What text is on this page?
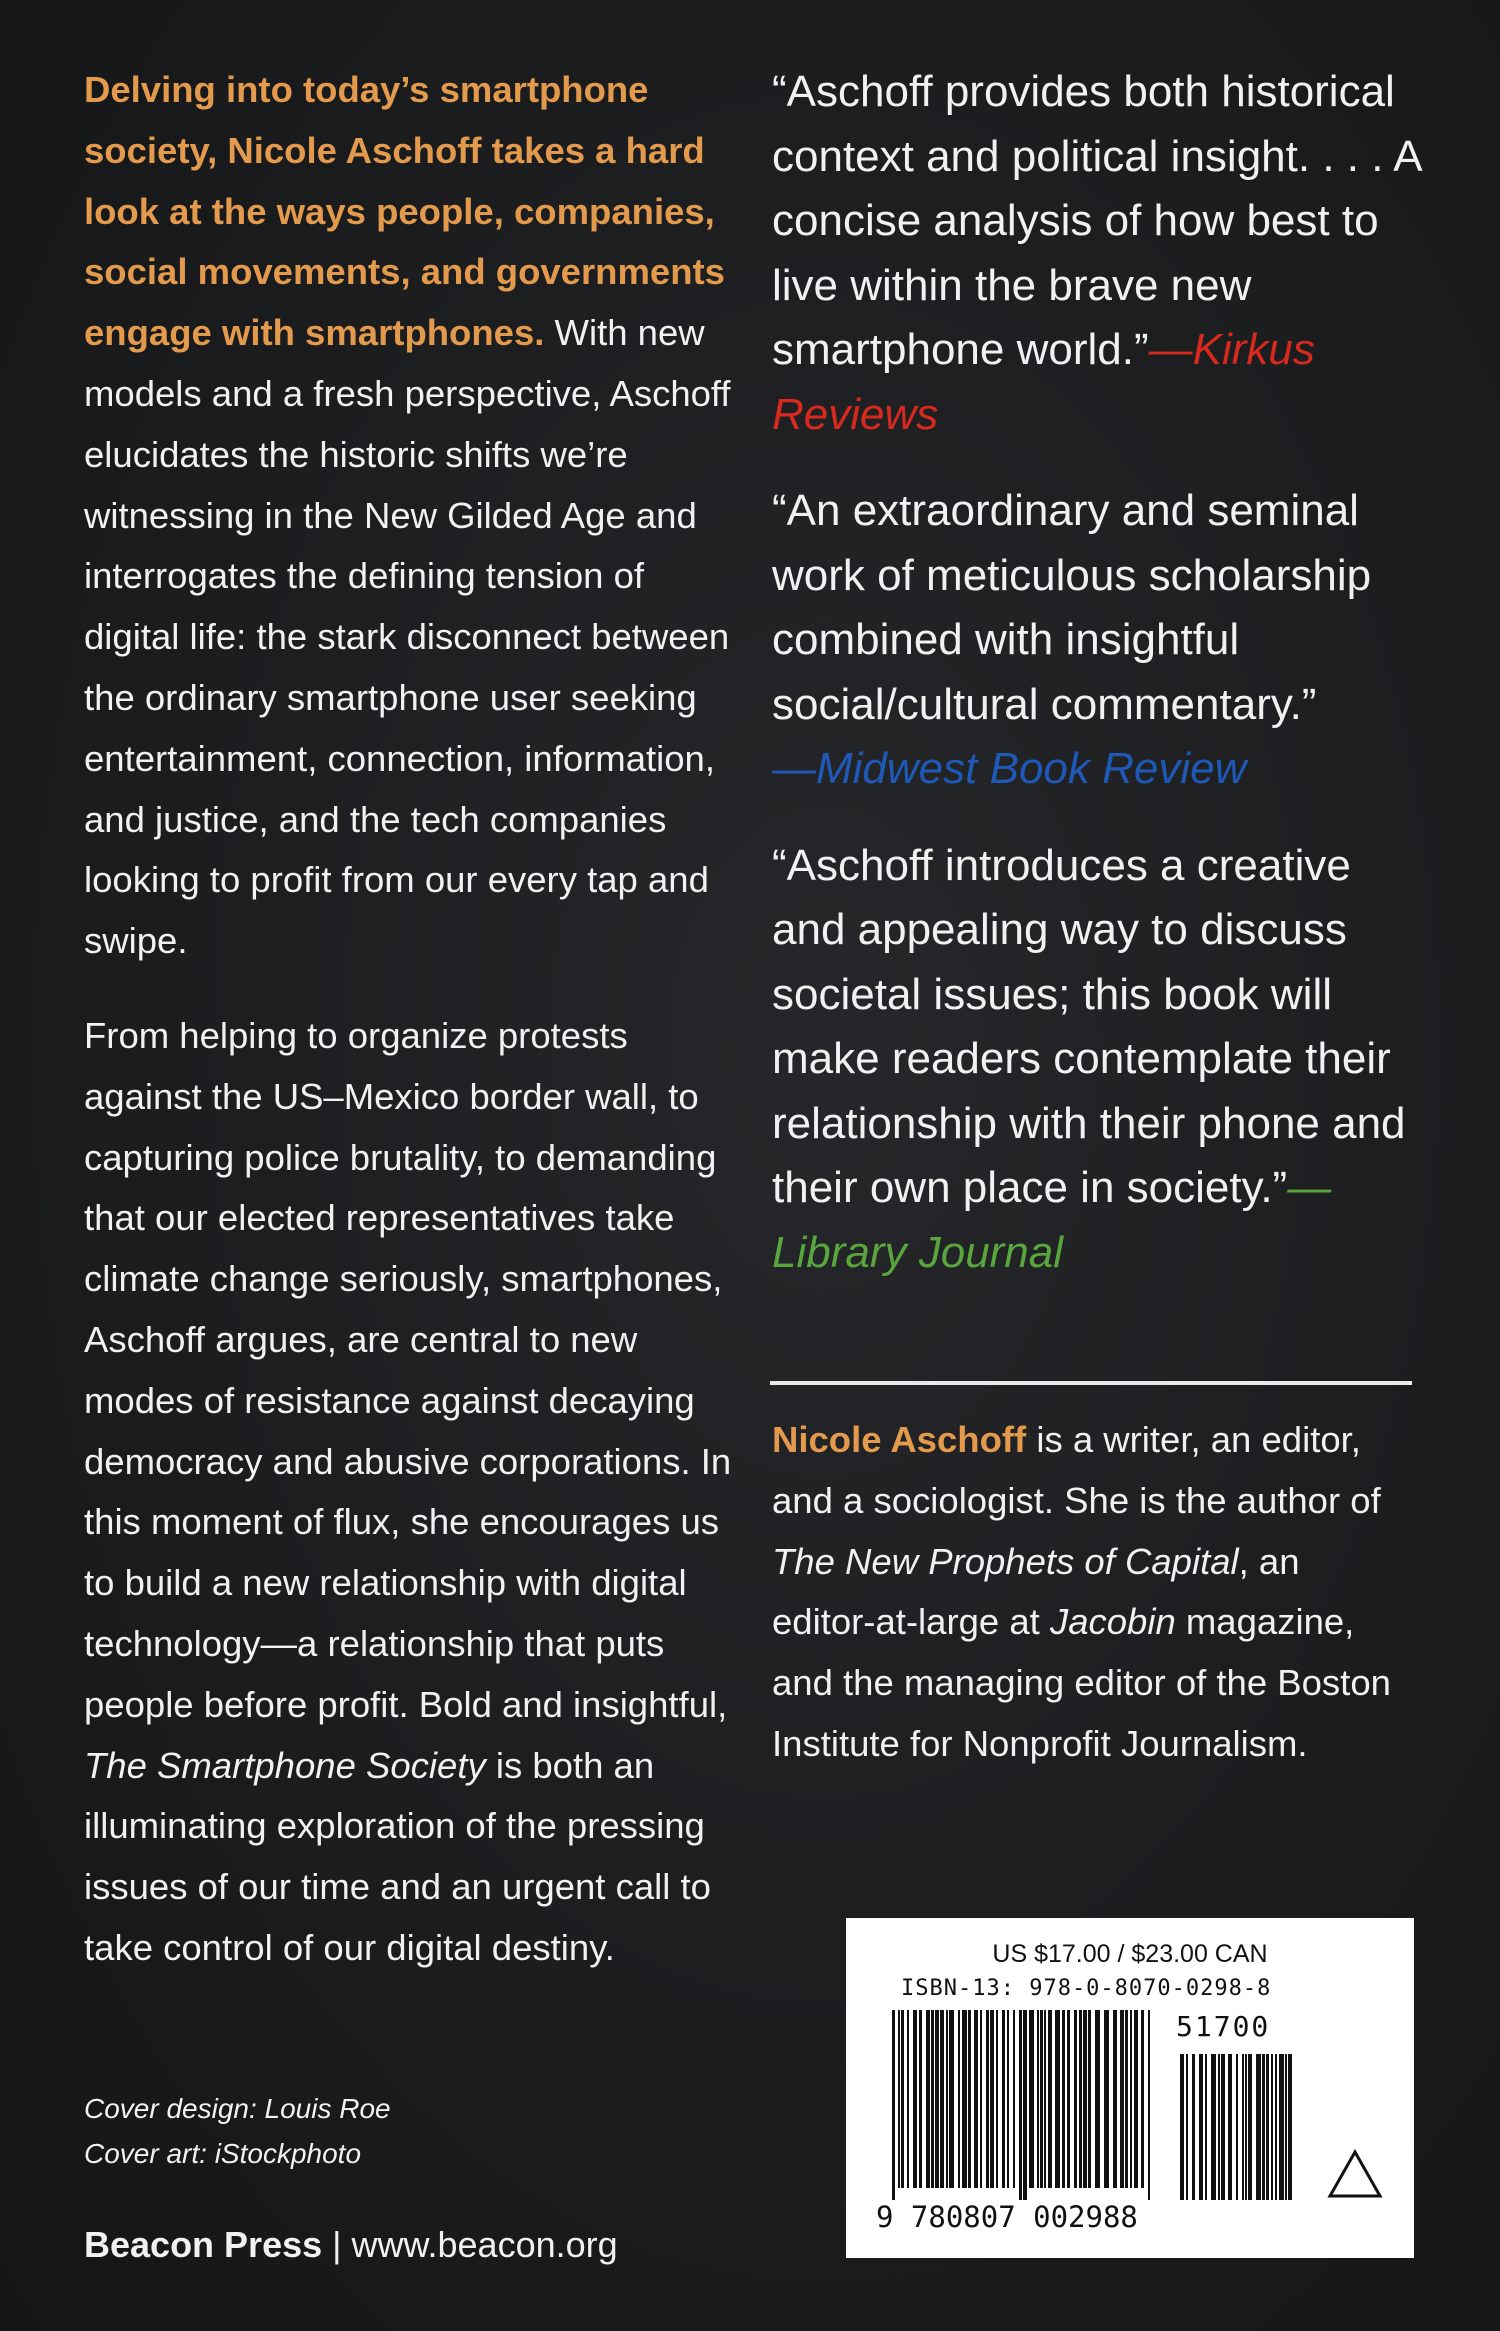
Delving into today’s smartphone society, Nicole Aschoff takes a hard look at the ways people, companies, social movements, and governments engage with smartphones. With new models and a fresh perspective, Aschoff elucidates the historic shifts we’re witnessing in the New Gilded Age and interrogates the defining tension of digital life: the stark disconnect between the ordinary smartphone user seeking entertainment, connection, information, and justice, and the tech companies looking to profit from our every tap and swipe.

From helping to organize protests against the US–Mexico border wall, to capturing police brutality, to demanding that our elected representatives take climate change seriously, smartphones, Aschoff argues, are central to new modes of resistance against decaying democracy and abusive corporations. In this moment of flux, she encourages us to build a new relationship with digital technology—a relationship that puts people before profit. Bold and insightful, The Smartphone Society is both an illuminating exploration of the pressing issues of our time and an urgent call to take control of our digital destiny.

Cover design: Louis Roe
Cover art: iStockphoto
Beacon Press | www.beacon.org

“Aschoff provides both historical context and political insight. . . . A concise analysis of how best to live within the brave new smartphone world.”—Kirkus Reviews

“An extraordinary and seminal work of meticulous scholarship combined with insightful social/cultural commentary.”
—Midwest Book Review

“Aschoff introduces a creative and appealing way to discuss societal issues; this book will make readers contemplate their relationship with their phone and their own place in society.”—Library Journal

Nicole Aschoff is a writer, an editor, and a sociologist. She is the author of The New Prophets of Capital, an editor-at-large at Jacobin magazine, and the managing editor of the Boston Institute for Nonprofit Journalism.

US $17.00 / $23.00 CAN
ISBN-13: 978-0-8070-0298-8
51700
9 780807 002988
